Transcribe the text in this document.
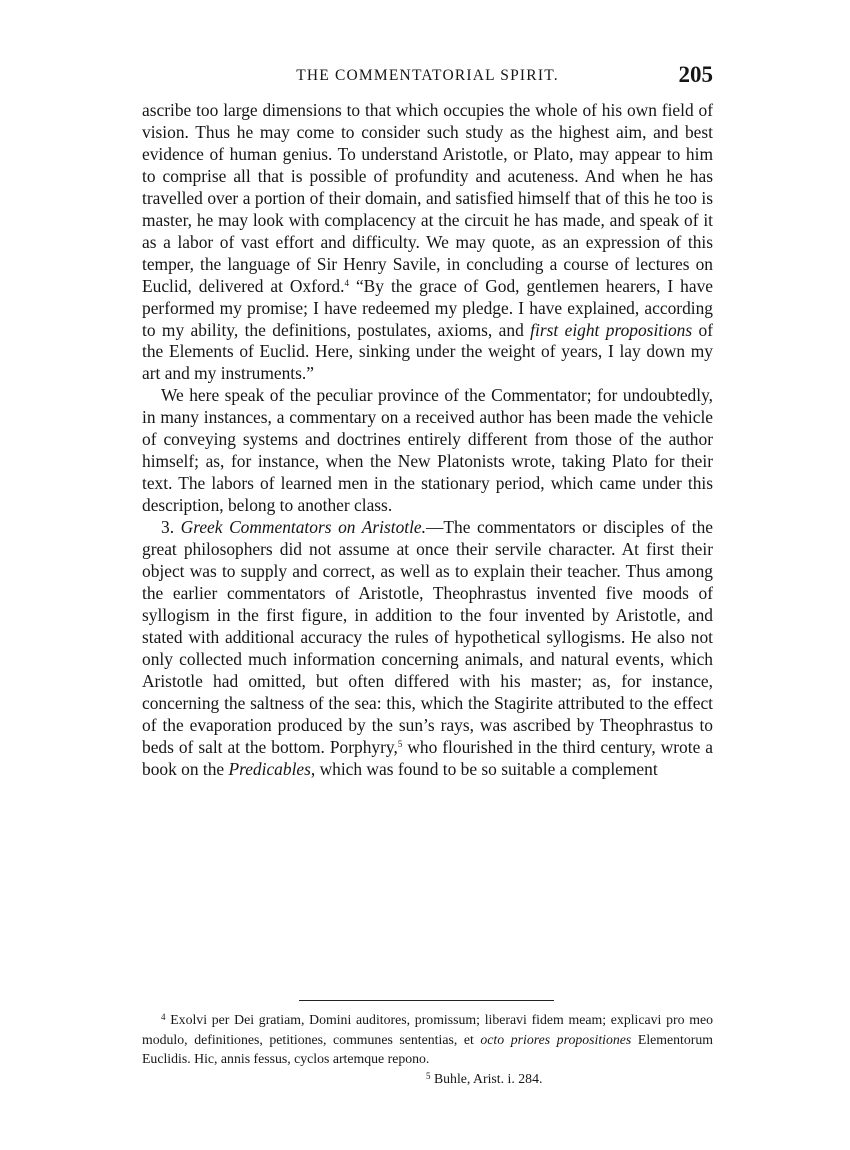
THE COMMENTATORIAL SPIRIT.	205

ascribe too large dimensions to that which occupies the whole of his own field of vision. Thus he may come to consider such study as the highest aim, and best evidence of human genius. To understand Aristotle, or Plato, may appear to him to comprise all that is possible of profundity and acuteness. And when he has travelled over a portion of their domain, and satisfied himself that of this he too is master, he may look with complacency at the circuit he has made, and speak of it as a labor of vast effort and difficulty. We may quote, as an expression of this temper, the language of Sir Henry Savile, in concluding a course of lectures on Euclid, delivered at Oxford.$^4$ “By the grace of God, gentlemen hearers, I have performed my promise; I have redeemed my pledge. I have explained, according to my ability, the definitions, postulates, axioms, and first eight propositions of the Elements of Euclid. Here, sinking under the weight of years, I lay down my art and my instruments.”

We here speak of the peculiar province of the Commentator; for undoubtedly, in many instances, a commentary on a received author has been made the vehicle of conveying systems and doctrines entirely different from those of the author himself; as, for instance, when the New Platonists wrote, taking Plato for their text. The labors of learned men in the stationary period, which came under this description, belong to another class.

3. Greek Commentators on Aristotle.—The commentators or disciples of the great philosophers did not assume at once their servile character. At first their object was to supply and correct, as well as to explain their teacher. Thus among the earlier commentators of Aristotle, Theophrastus invented five moods of syllogism in the first figure, in addition to the four invented by Aristotle, and stated with additional accuracy the rules of hypothetical syllogisms. He also not only collected much information concerning animals, and natural events, which Aristotle had omitted, but often differed with his master; as, for instance, concerning the saltness of the sea: this, which the Stagirite attributed to the effect of the evaporation produced by the sun’s rays, was ascribed by Theophrastus to beds of salt at the bottom. Porphyry,$^5$ who flourished in the third century, wrote a book on the Predicables, which was found to be so suitable a complement

$^4$ Exolvi per Dei gratiam, Domini auditores, promissum; liberavi fidem meam; explicavi pro meo modulo, definitiones, petitiones, communes sententias, et octo priores propositiones Elementorum Euclidis. Hic, annis fessus, cyclos artemque repono.

$^5$ Buhle, Arist. i. 284.
